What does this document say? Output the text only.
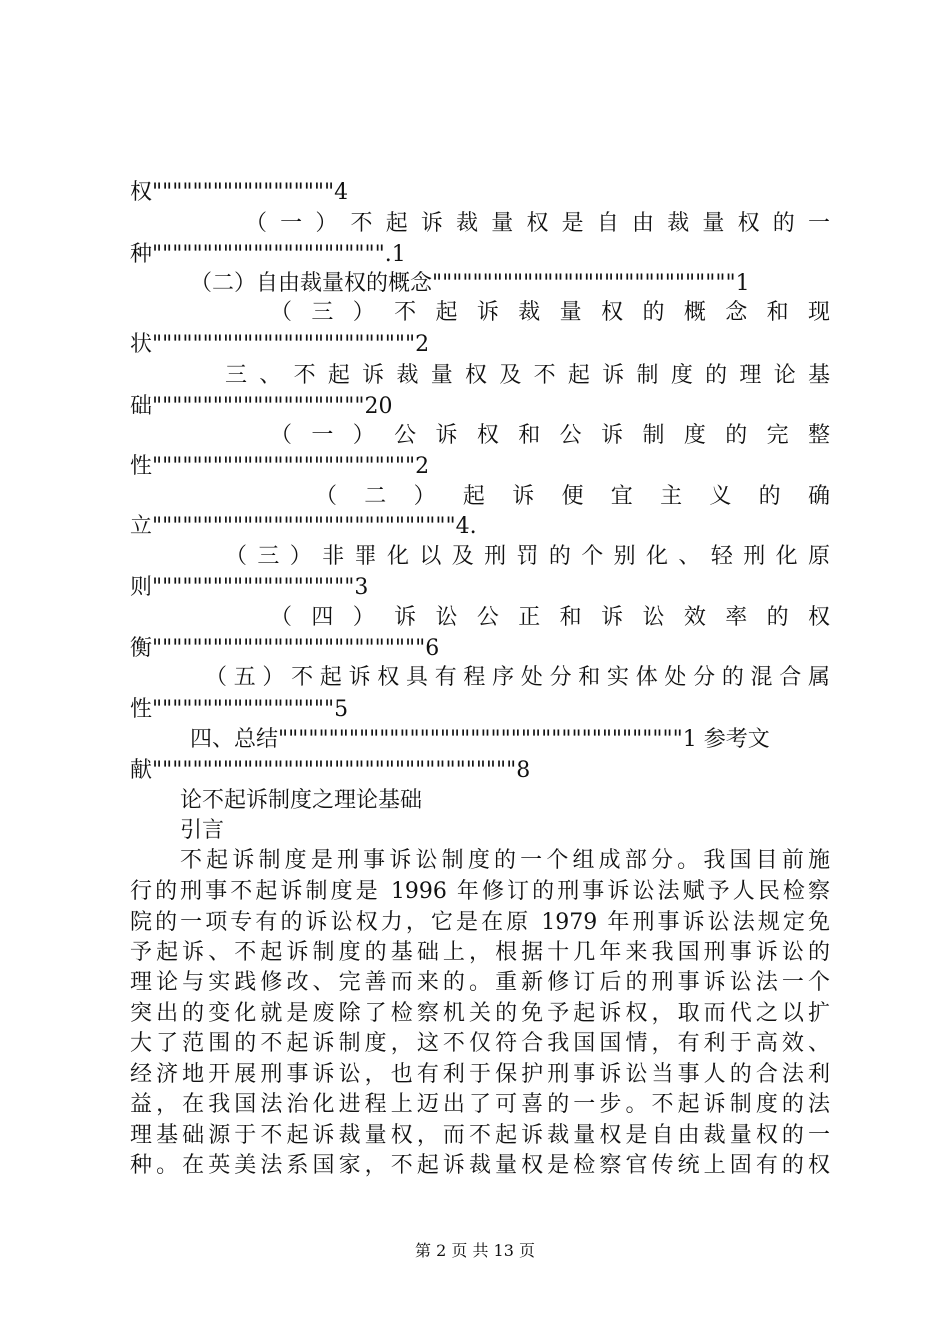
权""""""""""""""""""4
（一）不起诉裁量权是自由裁量权的一
种""""""""""""""""""""""".1
（二）自由裁量权的概念""""""""""""""""""""""""""""""1
（三）不起诉裁量权的概念和现
状""""""""""""""""""""""""""2
三、不起诉裁量权及不起诉制度的理论基
础"""""""""""""""""""""20
（一）公诉权和公诉制度的完整
性""""""""""""""""""""""""""2
（二）起诉便宜主义的确
立""""""""""""""""""""""""""""""4.
（三）非罪化以及刑罚的个别化、轻刑化原
则""""""""""""""""""""3
（四）诉讼公正和诉讼效率的权
衡"""""""""""""""""""""""""""6
（五）不起诉权具有程序处分和实体处分的混合属
性""""""""""""""""""5
四、总结""""""""""""""""""""""""""""""""""""""""1 参考文
献""""""""""""""""""""""""""""""""""""8
论不起诉制度之理论基础
引言
不起诉制度是刑事诉讼制度的一个组成部分。我国目前施
行的刑事不起诉制度是 1996 年修订的刑事诉讼法赋予人民检察
院的一项专有的诉讼权力，它是在原 1979 年刑事诉讼法规定免
予起诉、不起诉制度的基础上，根据十几年来我国刑事诉讼的
理论与实践修改、完善而来的。重新修订后的刑事诉讼法一个
突出的变化就是废除了检察机关的免予起诉权，取而代之以扩
大了范围的不起诉制度，这不仅符合我国国情，有利于高效、
经济地开展刑事诉讼，也有利于保护刑事诉讼当事人的合法利
益，在我国法治化进程上迈出了可喜的一步。不起诉制度的法
理基础源于不起诉裁量权，而不起诉裁量权是自由裁量权的一
种。在英美法系国家，不起诉裁量权是检察官传统上固有的权
第 2 页 共 13 页
